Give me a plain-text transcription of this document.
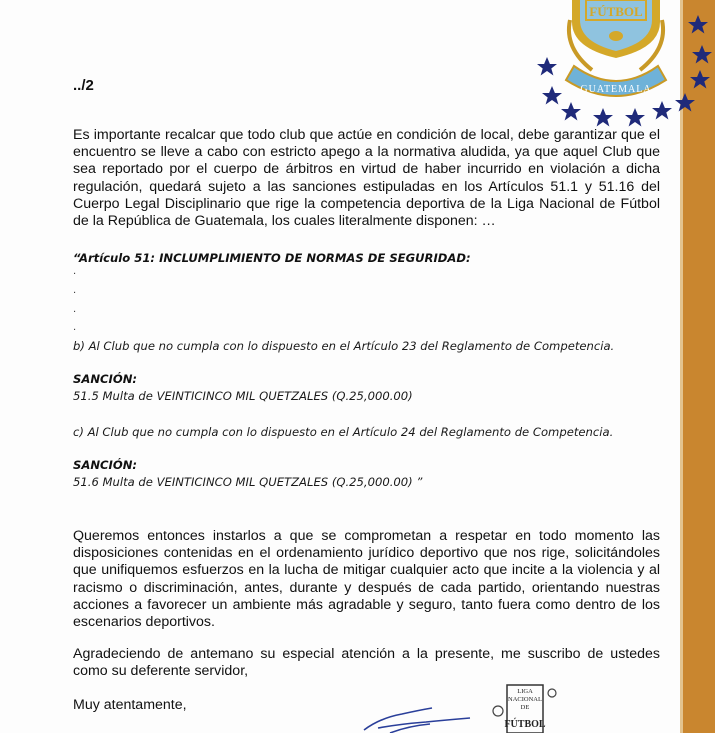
FÚTBOL
GUATEMALA
../2

Es importante recalcar que todo club que actúe en condición de local, debe garantizar que el encuentro se lleve a cabo con estricto apego a la normativa aludida, ya que aquel Club que sea reportado por el cuerpo de árbitros en virtud de haber incurrido en violación a dicha regulación, quedará sujeto a las sanciones estipuladas en los Artículos 51.1 y 51.16 del Cuerpo Legal Disciplinario que rige la competencia deportiva de la Liga Nacional de Fútbol de la República de Guatemala, los cuales literalmente disponen: …

“Artículo 51: INCLUMPLIMIENTO DE NORMAS DE SEGURIDAD:

.
.
.
.

b) Al Club que no cumpla con lo dispuesto en el Artículo 23 del Reglamento de Competencia.

SANCIÓN:

51.5 Multa de VEINTICINCO MIL QUETZALES (Q.25,000.00)

c) Al Club que no cumpla con lo dispuesto en el Artículo 24 del Reglamento de Competencia.

SANCIÓN:

51.6 Multa de VEINTICINCO MIL QUETZALES (Q.25,000.00) ”

Queremos entonces instarlos a que se comprometan a respetar en todo momento las disposiciones contenidas en el ordenamiento jurídico deportivo que nos rige, solicitándoles que unifiquemos esfuerzos en la lucha de mitigar cualquier acto que incite a la violencia y al racismo o discriminación, antes, durante y después de cada partido, orientando nuestras acciones a favorecer un ambiente más agradable y seguro, tanto fuera como dentro de los escenarios deportivos.

Agradeciendo de antemano su especial atención a la presente, me suscribo de ustedes como su deferente servidor,

Muy atentamente,
LIGA
NACIONAL
DE
FÚTBOL
